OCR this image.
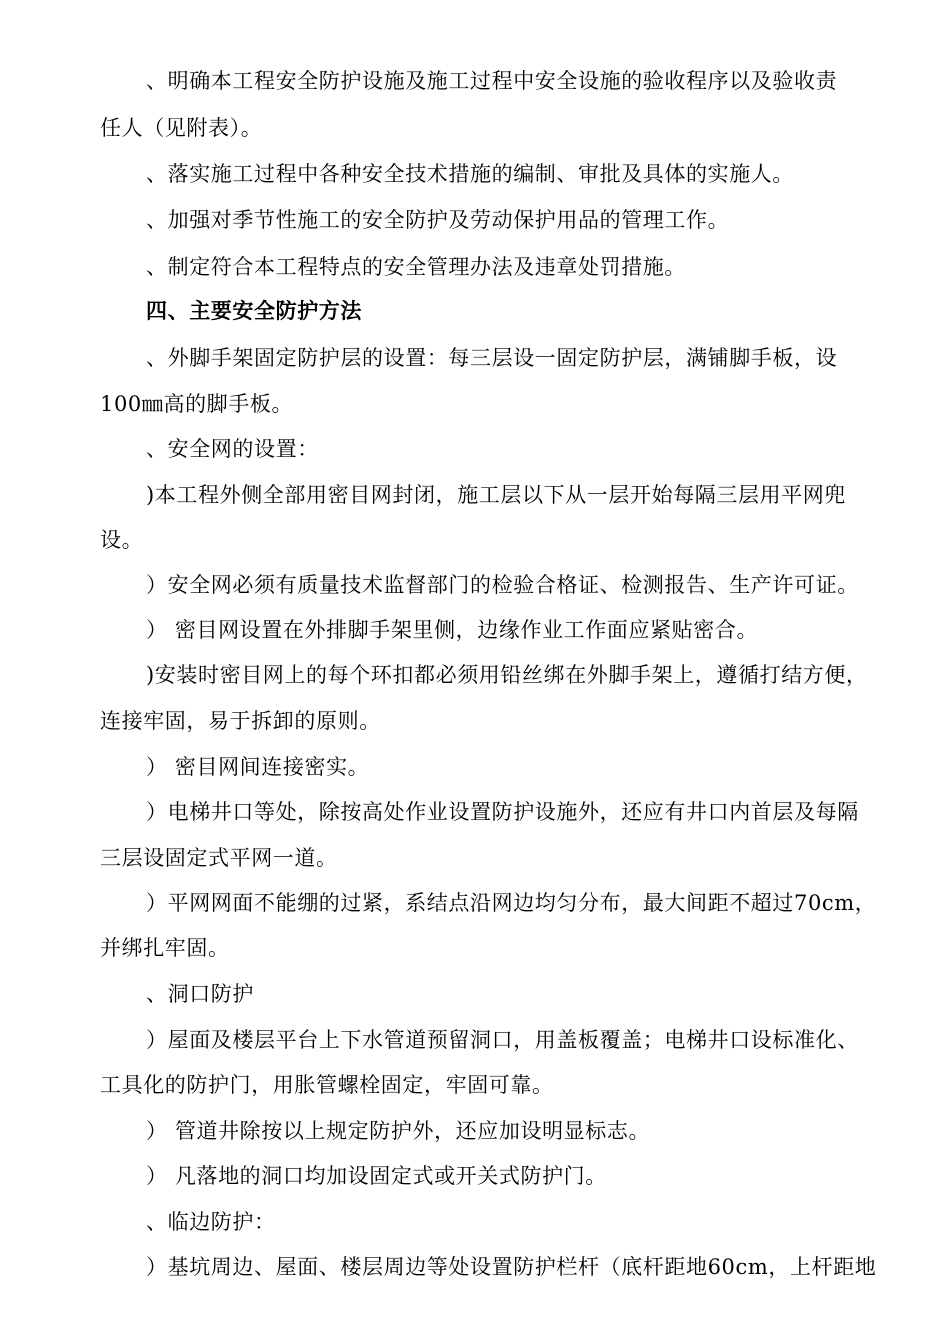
、明确本工程安全防护设施及施工过程中安全设施的验收程序以及验收责
任人（见附表）。
、落实施工过程中各种安全技术措施的编制、审批及具体的实施人。
、加强对季节性施工的安全防护及劳动保护用品的管理工作。
、制定符合本工程特点的安全管理办法及违章处罚措施。
四、主要安全防护方法
、外脚手架固定防护层的设置：每三层设一固定防护层，满铺脚手板，设
100㎜高的脚手板。
、安全网的设置：
)本工程外侧全部用密目网封闭，施工层以下从一层开始每隔三层用平网兜
设。
）安全网必须有质量技术监督部门的检验合格证、检测报告、生产许可证。
） 密目网设置在外排脚手架里侧，边缘作业工作面应紧贴密合。
)安装时密目网上的每个环扣都必须用铅丝绑在外脚手架上，遵循打结方便，
连接牢固，易于拆卸的原则。
） 密目网间连接密实。
）电梯井口等处，除按高处作业设置防护设施外，还应有井口内首层及每隔
三层设固定式平网一道。
）平网网面不能绷的过紧，系结点沿网边均匀分布，最大间距不超过70cm，
并绑扎牢固。
、洞口防护
）屋面及楼层平台上下水管道预留洞口，用盖板覆盖；电梯井口设标准化、
工具化的防护门，用胀管螺栓固定，牢固可靠。
） 管道井除按以上规定防护外，还应加设明显标志。
） 凡落地的洞口均加设固定式或开关式防护门。
、临边防护：
）基坑周边、屋面、楼层周边等处设置防护栏杆（底杆距地60cm，上杆距地
